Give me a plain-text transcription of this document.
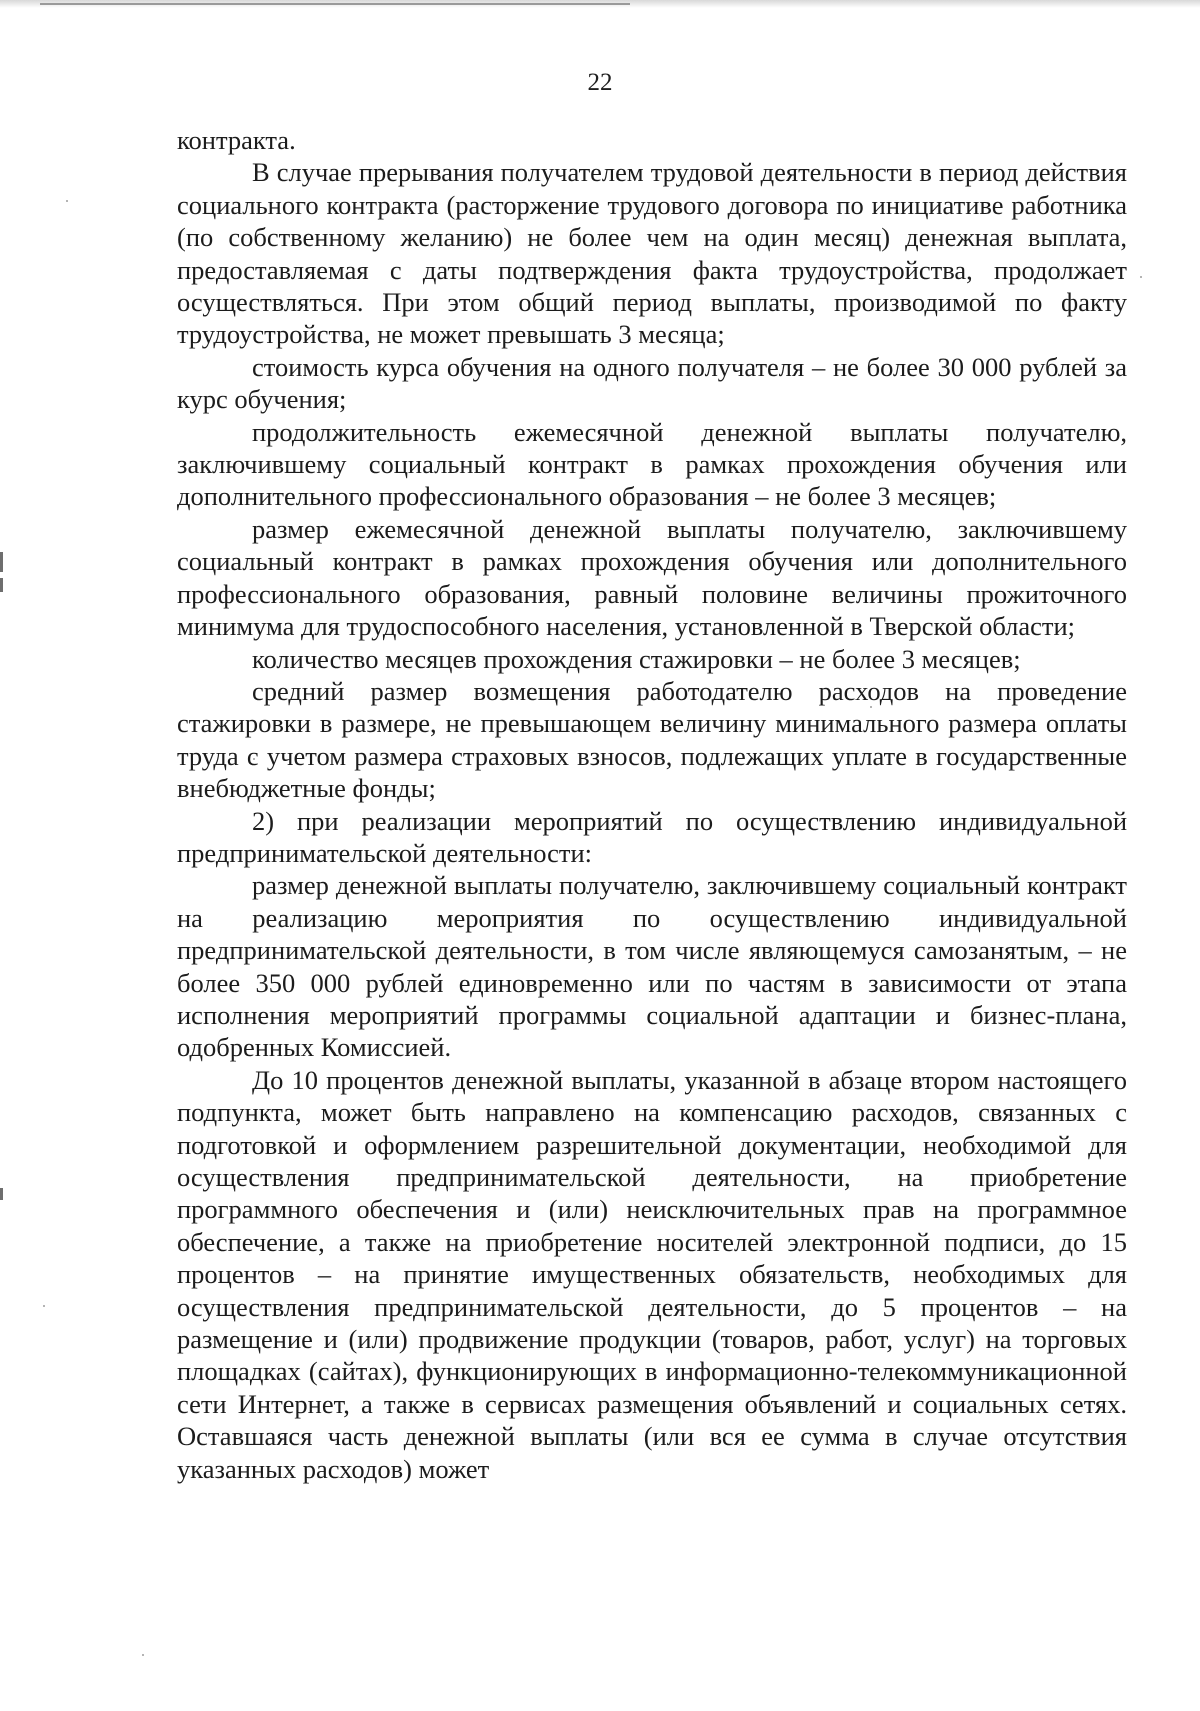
22

контракта.

В случае прерывания получателем трудовой деятельности в период действия социального контракта (расторжение трудового договора по инициативе работника (по собственному желанию) не более чем на один месяц) денежная выплата, предоставляемая с даты подтверждения факта трудоустройства, продолжает осуществляться. При этом общий период выплаты, производимой по факту трудоустройства, не может превышать 3 месяца;

стоимость курса обучения на одного получателя – не более 30 000 рублей за курс обучения;

продолжительность ежемесячной денежной выплаты получателю, заключившему социальный контракт в рамках прохождения обучения или дополнительного профессионального образования – не более 3 месяцев;

размер ежемесячной денежной выплаты получателю, заключившему социальный контракт в рамках прохождения обучения или дополнительного профессионального образования, равный половине величины прожиточного минимума для трудоспособного населения, установленной в Тверской области;

количество месяцев прохождения стажировки – не более 3 месяцев;

средний размер возмещения работодателю расходов на проведение стажировки в размере, не превышающем величину минимального размера оплаты труда с учетом размера страховых взносов, подлежащих уплате в государственные внебюджетные фонды;

2) при реализации мероприятий по осуществлению индивидуальной предпринимательской деятельности:

размер денежной выплаты получателю, заключившему социальный контракт на реализацию мероприятия по осуществлению индивидуальной предпринимательской деятельности, в том числе являющемуся самозанятым, – не более 350 000 рублей единовременно или по частям в зависимости от этапа исполнения мероприятий программы социальной адаптации и бизнес-плана, одобренных Комиссией.

До 10 процентов денежной выплаты, указанной в абзаце втором настоящего подпункта, может быть направлено на компенсацию расходов, связанных с подготовкой и оформлением разрешительной документации, необходимой для осуществления предпринимательской деятельности, на приобретение программного обеспечения и (или) неисключительных прав на программное обеспечение, а также на приобретение носителей электронной подписи, до 15 процентов – на принятие имущественных обязательств, необходимых для осуществления предпринимательской деятельности, до 5 процентов – на размещение и (или) продвижение продукции (товаров, работ, услуг) на торговых площадках (сайтах), функционирующих в информационно-телекоммуникационной сети Интернет, а также в сервисах размещения объявлений и социальных сетях. Оставшаяся часть денежной выплаты (или вся ее сумма в случае отсутствия указанных расходов) может
